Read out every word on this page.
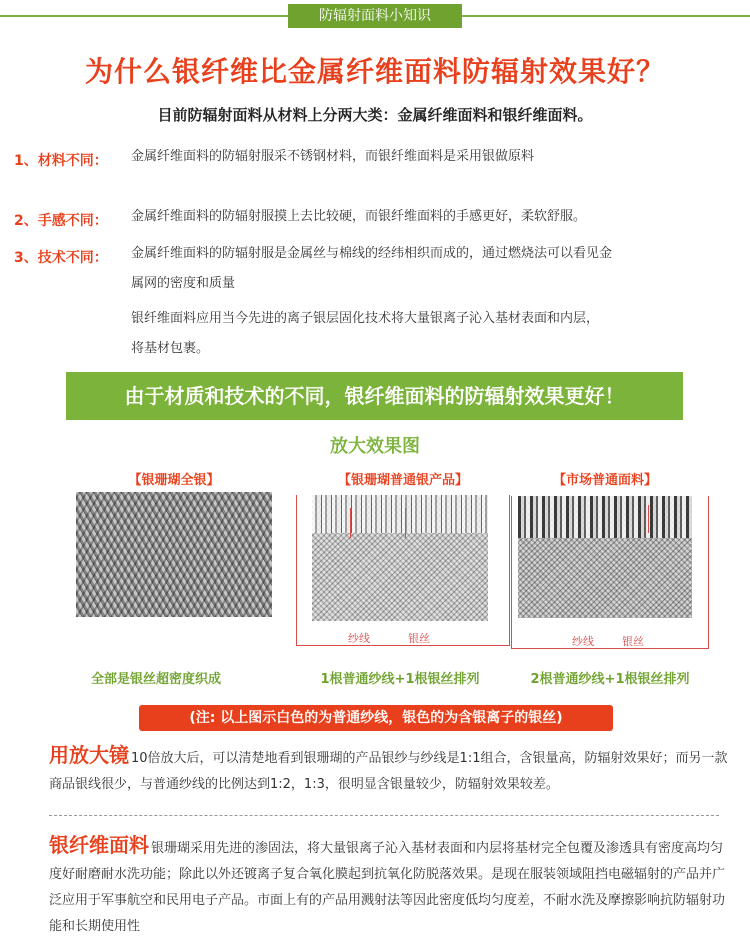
防辐射面料小知识
为什么银纤维比金属纤维面料防辐射效果好？
目前防辐射面料从材料上分两大类：金属纤维面料和银纤维面料。
1、材料不同： 金属纤维面料的防辐射服采不锈钢材料，而银纤维面料是采用银做原料
2、手感不同： 金属纤维面料的防辐射服摸上去比较硬，而银纤维面料的手感更好，柔软舒服。
3、技术不同： 金属纤维面料的防辐射服是金属丝与棉线的经纬相织而成的，通过燃烧法可以看见金
属网的密度和质量
银纤维面料应用当今先进的离子银层固化技术将大量银离子沁入基材表面和内层，
将基材包裹。
由于材质和技术的不同，银纤维面料的防辐射效果更好！
放大效果图
【银珊瑚全银】	【银珊瑚普通银产品】	【市场普通面料】
纱线	银丝	纱线	银丝
全部是银丝超密度织成	1根普通纱线+1根银丝排列	2根普通纱线+1根银丝排列
(注: 以上图示白色的为普通纱线，银色的为含银离子的银丝)
用放大镜 10倍放大后，可以清楚地看到银珊瑚的产品银纱与纱线是1:1组合，含银量高，防辐射效果好；而另一款商品银线很少，与普通纱线的比例达到1:2，1:3，很明显含银量较少，防辐射效果较差。
银纤维面料 银珊瑚采用先进的渗固法，将大量银离子沁入基材表面和内层将基材完全包覆及渗透具有密度高均匀度好耐磨耐水洗功能；除此以外还镀离子复合氧化膜起到抗氧化防脱落效果。是现在服装领域阻挡电磁辐射的产品并广泛应用于军事航空和民用电子产品。市面上有的产品用溅射法等因此密度低均匀度差，不耐水洗及摩擦影响抗防辐射功能和长期使用性
